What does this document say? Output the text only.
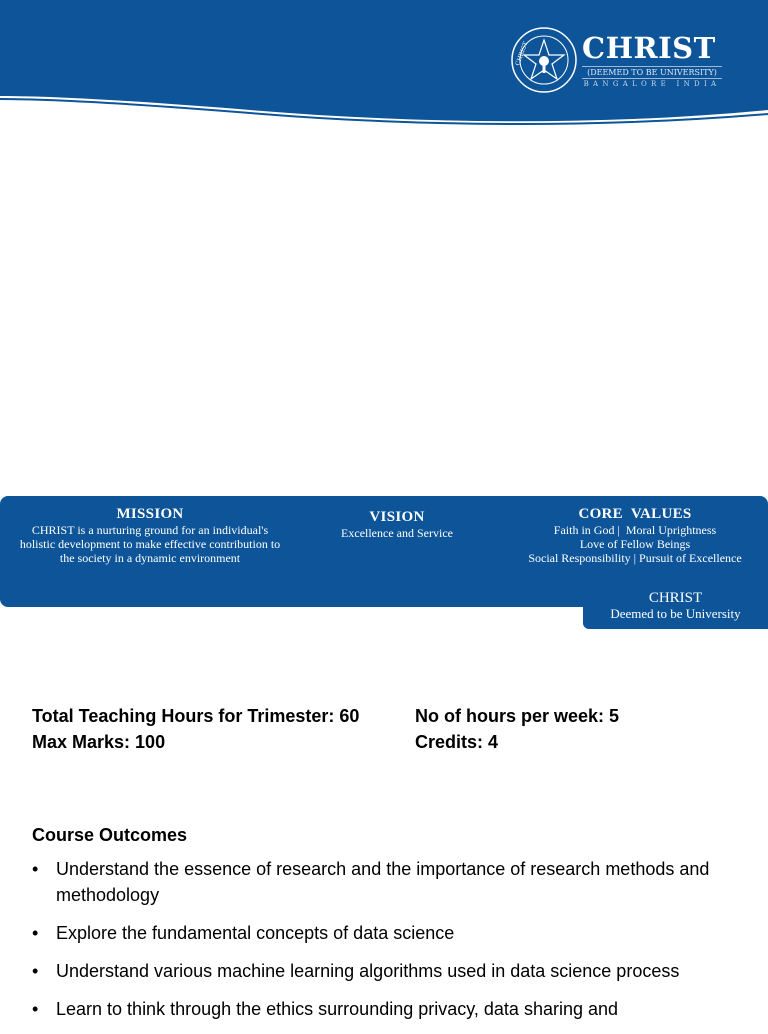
CHRIST CHRIST
(DEEMED TO BE UNIVERSITY)
BANGALORE INDIA
MISSION
CHRIST is a nurturing ground for an individual's
holistic development to make effective contribution to
the society in a dynamic environment
VISION
Excellence and Service
CORE  VALUES
Faith in God |  Moral Uprightness
Love of Fellow Beings
Social Responsibility | Pursuit of Excellence
CHRIST
Deemed to be University
Total Teaching Hours for Trimester: 60
Max Marks: 100
No of hours per week: 5
Credits: 4
Course Outcomes
• Understand the essence of research and the importance of research methods and methodology
• Explore the fundamental concepts of data science
• Understand various machine learning algorithms used in data science process
• Learn to think through the ethics surrounding privacy, data sharing and
